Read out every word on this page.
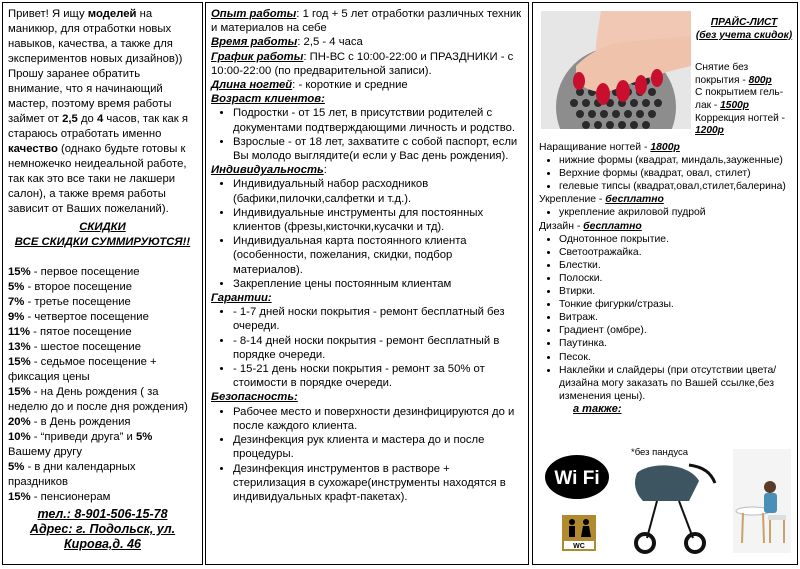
Привет! Я ищу моделей на маникюр, для отработки новых навыков, качества, а также для экспериментов новых дизайнов)) Прошу заранее обратить внимание, что я начинающий мастер, поэтому время работы займет от 2,5 до 4 часов, так как я стараюсь отработать именно качество (однако будьте готовы к немножечко неидеальной работе, так как это все таки не лакшери салон), а также время работы зависит от Ваших пожеланий).

СКИДКИ

ВСЕ СКИДКИ СУММИРУЮТСЯ!!

15% - первое посещение

5% - второе посещение

7% - третье посещение

9% - четвертое посещение

11% - пятое посещение

13% - шестое посещение

15% - седьмое посещение + фиксация цены

15% - на День рождения ( за неделю до и после дня рождения)

20% - в День рождения

10% - “приведи друга” и 5% Вашему другу

5% - в дни календарных праздников

15% - пенсионерам

тел.: 8-901-506-15-78

Адрес: г. Подольск, ул. Кирова,д. 46

Опыт работы: 1 год + 5 лет отработки различных техник и материалов на себе

Время работы: 2,5 - 4 часа

График работы: ПН-ВС с 10:00-22:00 и ПРАЗДНИКИ - с 10:00-22:00 (по предварительной записи).

Длина ногтей: - короткие и средние

Возраст клиентов:

• Подростки - от 15 лет, в присутствии родителей с документами подтверждающими личность и родство.
• Взрослые - от 18 лет, захватите с собой паспорт, если Вы молодо выглядите(и если у Вас день рождения).

Индивидуальность:

• Индивидуальный набор расходников (бафики,пилочки,салфетки и т.д.).
• Индивидуальные инструменты для постоянных клиентов (фрезы,кисточки,кусачки и тд).
• Индивидуальная карта постоянного клиента (особенности, пожелания, скидки, подбор материалов).
• Закрепление цены постоянным клиентам

Гарантии:

• - 1-7 дней носки покрытия - ремонт бесплатный без очереди.
• - 8-14 дней носки покрытия - ремонт бесплатный в порядке очереди.
• - 15-21 день носки покрытия - ремонт за 50% от стоимости в порядке очереди.

Безопасность:

• Рабочее место и поверхности дезинфицируются до и после каждого клиента.
• Дезинфекция рук клиента и мастера до и после процедуры.
• Дезинфекция инструментов в растворе + стерилизация в сухожаре(инструменты находятся в индивидуальных крафт-пакетах).

ПРАЙС-ЛИСТ

(без учета скидок)

Снятие без покрытия - 800р

С покрытием гель-лак - 1500р

Коррекция ногтей - 1200р

Наращивание ногтей - 1800р

• нижние формы (квадрат, миндаль,зауженные)
• Верхние формы (квадрат, овал, стилет)
• гелевые типсы (квадрат,овал,стилет,балерина)

Укрепление - бесплатно

• укрепление акриловой пудрой

Дизайн - бесплатно

• Однотонное покрытие.
• Светоотражайка.
• Блестки.
• Полоски.
• Втирки.
• Тонкие фигурки/стразы.
• Витраж.
• Градиент (омбре).
• Паутинка.
• Песок.
• Наклейки и слайдеры (при отсутствии цвета/дизайна могу заказать по Вашей ссылке,без изменения цены).

а также:

Wi Fi
WC
*без пандуса
